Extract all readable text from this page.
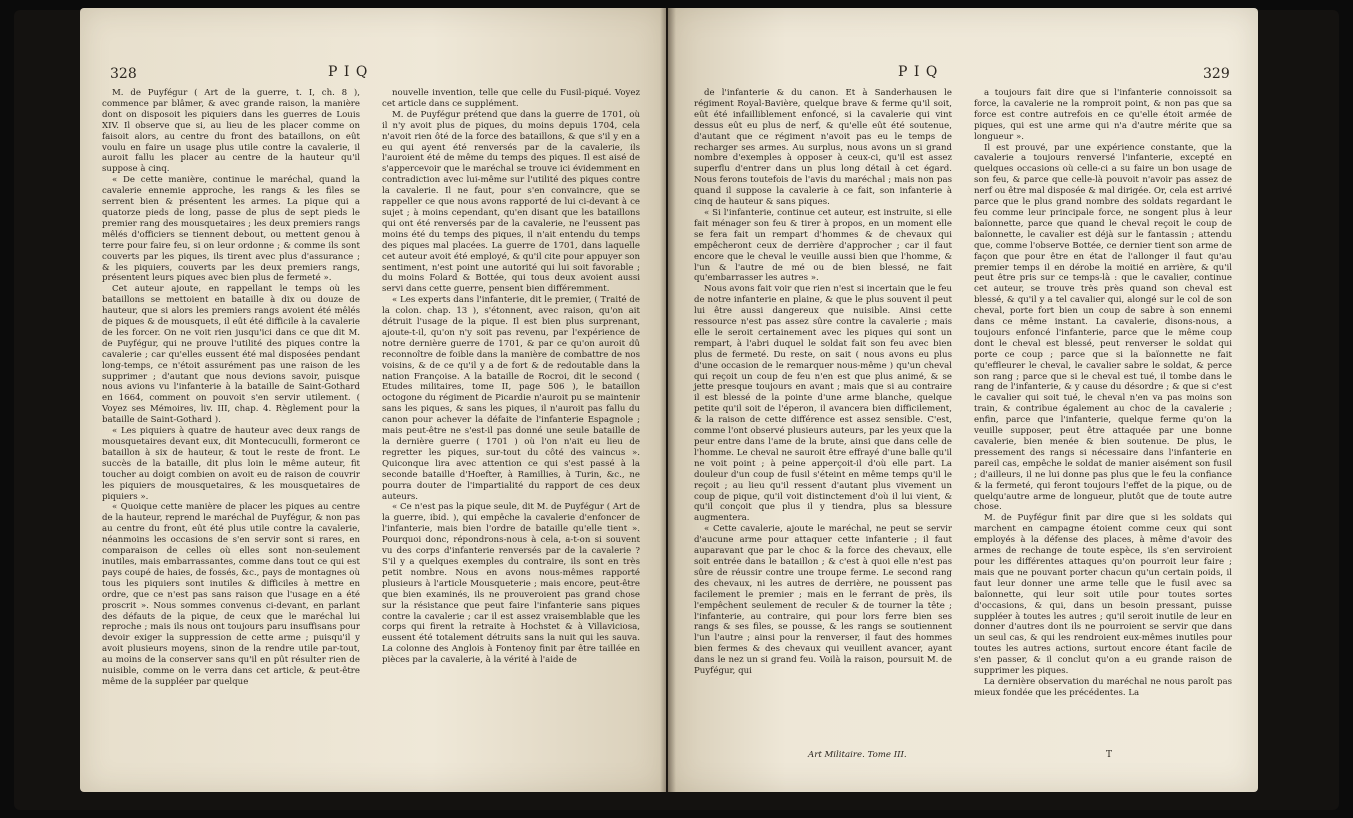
328	P I Q

M. de Puyfégur ( Art de la guerre, t. I, ch. 8 ), commence par blâmer, & avec grande raison, la manière dont on disposoit les piquiers dans les guerres de Louis XIV. Il observe que si, au lieu de les placer comme on faisoit alors, au centre du front des bataillons, on eût voulu en faire un usage plus utile contre la cavalerie, il auroit fallu les placer au centre de la hauteur qu'il suppose à cinq.

« De cette manière, continue le maréchal, quand la cavalerie ennemie approche, les rangs & les files se serrent bien & présentent les armes. La pique qui a quatorze pieds de long, passe de plus de sept pieds le premier rang des mousquetaires ; les deux premiers rangs mêlés d'officiers se tiennent debout, ou mettent genou à terre pour faire feu, si on leur ordonne ; & comme ils sont couverts par les piques, ils tirent avec plus d'assurance ; & les piquiers, couverts par les deux premiers rangs, présentent leurs piques avec bien plus de fermeté ».

Cet auteur ajoute, en rappellant le temps où les bataillons se mettoient en bataille à dix ou douze de hauteur, que si alors les premiers rangs avoient été mêlés de piques & de mousquets, il eût été difficile à la cavalerie de les forcer. On ne voit rien jusqu'ici dans ce que dit M. de Puyfégur, qui ne prouve l'utilité des piques contre la cavalerie ; car qu'elles eussent été mal disposées pendant long-temps, ce n'étoit assurément pas une raison de les supprimer ; d'autant que nous devions savoir, puisque nous avions vu l'infanterie à la bataille de Saint-Gothard en 1664, comment on pouvoit s'en servir utilement. ( Voyez ses Mémoires, liv. III, chap. 4. Règlement pour la bataille de Saint-Gothard ).

« Les piquiers à quatre de hauteur avec deux rangs de mousquetaires devant eux, dit Montecuculli, formeront ce bataillon à six de hauteur, & tout le reste de front. Le succès de la bataille, dit plus loin le même auteur, fit toucher au doigt combien on avoit eu de raison de couvrir les piquiers de mousquetaires, & les mousquetaires de piquiers ».

« Quoique cette manière de placer les piques au centre de la hauteur, reprend le maréchal de Puyfégur, & non pas au centre du front, eût été plus utile contre la cavalerie, néanmoins les occasions de s'en servir sont si rares, en comparaison de celles où elles sont non-seulement inutiles, mais embarrassantes, comme dans tout ce qui est pays coupé de haies, de fossés, &c., pays de montagnes où tous les piquiers sont inutiles & difficiles à mettre en ordre, que ce n'est pas sans raison que l'usage en a été proscrit ». Nous sommes convenus ci-devant, en parlant des défauts de la pique, de ceux que le maréchal lui reproche ; mais ils nous ont toujours paru insuffisans pour devoir exiger la suppression de cette arme ; puisqu'il y avoit plusieurs moyens, sinon de la rendre utile par-tout, au moins de la conserver sans qu'il en pût résulter rien de nuisible, comme on le verra dans cet article, & peut-être même de la suppléer par quelque

nouvelle invention, telle que celle du Fusil-piqué. Voyez cet article dans ce supplément.

M. de Puyfégur prétend que dans la guerre de 1701, où il n'y avoit plus de piques, du moins depuis 1704, cela n'avoit rien ôté de la force des bataillons, & que s'il y en a eu qui ayent été renversés par de la cavalerie, ils l'auroient été de même du temps des piques. Il est aisé de s'appercevoir que le maréchal se trouve ici évidemment en contradiction avec lui-même sur l'utilité des piques contre la cavalerie. Il ne faut, pour s'en convaincre, que se rappeller ce que nous avons rapporté de lui ci-devant à ce sujet ; à moins cependant, qu'en disant que les bataillons qui ont été renversés par de la cavalerie, ne l'eussent pas moins été du temps des piques, il n'ait entendu du temps des piques mal placées. La guerre de 1701, dans laquelle cet auteur avoit été employé, & qu'il cite pour appuyer son sentiment, n'est point une autorité qui lui soit favorable ; du moins Folard & Bottée, qui tous deux avoient aussi servi dans cette guerre, pensent bien différemment.

« Les experts dans l'infanterie, dit le premier, ( Traité de la colon. chap. 13 ), s'étonnent, avec raison, qu'on ait détruit l'usage de la pique. Il est bien plus surprenant, ajoute-t-il, qu'on n'y soit pas revenu, par l'expérience de notre dernière guerre de 1701, & par ce qu'on auroit dû reconnoître de foible dans la manière de combattre de nos voisins, & de ce qu'il y a de fort & de redoutable dans la nation Françoise. A la bataille de Rocroi, dit le second ( Etudes militaires, tome II, page 506 ), le bataillon octogone du régiment de Picardie n'auroit pu se maintenir sans les piques, & sans les piques, il n'auroit pas fallu du canon pour achever la défaite de l'infanterie Espagnole ; mais peut-être ne s'est-il pas donné une seule bataille de la dernière guerre ( 1701 ) où l'on n'ait eu lieu de regretter les piques, sur-tout du côté des vaincus ». Quiconque lira avec attention ce qui s'est passé à la seconde bataille d'Hoefter, à Ramillies, à Turin, &c., ne pourra douter de l'impartialité du rapport de ces deux auteurs.

« Ce n'est pas la pique seule, dit M. de Puyfégur ( Art de la guerre, ibid. ), qui empêche la cavalerie d'enfoncer de l'infanterie, mais bien l'ordre de bataille qu'elle tient ». Pourquoi donc, répondrons-nous à cela, a-t-on si souvent vu des corps d'infanterie renversés par de la cavalerie ? S'il y a quelques exemples du contraire, ils sont en très petit nombre. Nous en avons nous-mêmes rapporté plusieurs à l'article Mousqueterie ; mais encore, peut-être que bien examinés, ils ne prouveroient pas grand chose sur la résistance que peut faire l'infanterie sans piques contre la cavalerie ; car il est assez vraisemblable que les corps qui firent la retraite à Hochstet & à Villaviciosa, eussent été totalement détruits sans la nuit qui les sauva. La colonne des Anglois à Fontenoy finit par être taillée en pièces par la cavalerie, à la vérité à l'aide de

P I Q	329

de l'infanterie & du canon. Et à Sanderhausen le régiment Royal-Bavière, quelque brave & ferme qu'il soit, eût été infailliblement enfoncé, si la cavalerie qui vint dessus eût eu plus de nerf, & qu'elle eût été soutenue, d'autant que ce régiment n'avoit pas eu le temps de recharger ses armes. Au surplus, nous avons un si grand nombre d'exemples à opposer à ceux-ci, qu'il est assez superflu d'entrer dans un plus long détail à cet égard. Nous ferons toutefois de l'avis du maréchal ; mais non pas quand il suppose la cavalerie à ce fait, son infanterie à cinq de hauteur & sans piques.

« Si l'infanterie, continue cet auteur, est instruite, si elle fait ménager son feu & tirer à propos, en un moment elle se fera fait un rempart d'hommes & de chevaux qui empêcheront ceux de derrière d'approcher ; car il faut encore que le cheval le veuille aussi bien que l'homme, & l'un & l'autre de mé ou de bien blessé, ne fait qu'embarrasser les autres ».

Nous avons fait voir que rien n'est si incertain que le feu de notre infanterie en plaine, & que le plus souvent il peut lui être aussi dangereux que nuisible. Ainsi cette ressource n'est pas assez sûre contre la cavalerie ; mais elle le seroit certainement avec les piques qui sont un rempart, à l'abri duquel le soldat fait son feu avec bien plus de fermeté. Du reste, on sait ( nous avons eu plus d'une occasion de le remarquer nous-même ) qu'un cheval qui reçoit un coup de feu n'en est que plus animé, & se jette presque toujours en avant ; mais que si au contraire il est blessé de la pointe d'une arme blanche, quelque petite qu'il soit de l'éperon, il avancera bien difficilement, & la raison de cette différence est assez sensible. C'est, comme l'ont observé plusieurs auteurs, par les yeux que la peur entre dans l'ame de la brute, ainsi que dans celle de l'homme. Le cheval ne sauroit être effrayé d'une balle qu'il ne voit point ; à peine apperçoit-il d'où elle part. La douleur d'un coup de fusil s'éteint en même temps qu'il le reçoit ; au lieu qu'il ressent d'autant plus vivement un coup de pique, qu'il voit distinctement d'où il lui vient, & qu'il conçoit que plus il y tiendra, plus sa blessure augmentera.

« Cette cavalerie, ajoute le maréchal, ne peut se servir d'aucune arme pour attaquer cette infanterie ; il faut auparavant que par le choc & la force des chevaux, elle soit entrée dans le bataillon ; & c'est à quoi elle n'est pas sûre de réussir contre une troupe ferme. Le second rang des chevaux, ni les autres de derrière, ne poussent pas facilement le premier ; mais en le ferrant de près, ils l'empêchent seulement de reculer & de tourner la tête ; l'infanterie, au contraire, qui pour lors ferre bien ses rangs & ses files, se pousse, & les rangs se soutiennent l'un l'autre ; ainsi pour la renverser, il faut des hommes bien fermes & des chevaux qui veuillent avancer, ayant dans le nez un si grand feu. Voilà la raison, poursuit M. de Puyfégur, qui

a toujours fait dire que si l'infanterie connoissoit sa force, la cavalerie ne la romproit point, & non pas que sa force est contre autrefois en ce qu'elle étoit armée de piques, qui est une arme qui n'a d'autre mérite que sa longueur ».

Il est prouvé, par une expérience constante, que la cavalerie a toujours renversé l'infanterie, excepté en quelques occasions où celle-ci a su faire un bon usage de son feu, & parce que celle-là pouvoit n'avoir pas assez de nerf ou être mal disposée & mal dirigée. Or, cela est arrivé parce que le plus grand nombre des soldats regardant le feu comme leur principale force, ne songent plus à leur baïonnette, parce que quand le cheval reçoit le coup de baïonnette, le cavalier est déjà sur le fantassin ; attendu que, comme l'observe Bottée, ce dernier tient son arme de façon que pour être en état de l'allonger il faut qu'au premier temps il en dérobe la moitié en arrière, & qu'il peut être pris sur ce temps-là : que le cavalier, continue cet auteur, se trouve très près quand son cheval est blessé, & qu'il y a tel cavalier qui, alongé sur le col de son cheval, porte fort bien un coup de sabre à son ennemi dans ce même instant. La cavalerie, disons-nous, a toujours enfoncé l'infanterie, parce que le même coup dont le cheval est blessé, peut renverser le soldat qui porte ce coup ; parce que si la baïonnette ne fait qu'effleurer le cheval, le cavalier sabre le soldat, & perce son rang ; parce que si le cheval est tué, il tombe dans le rang de l'infanterie, & y cause du désordre ; & que si c'est le cavalier qui soit tué, le cheval n'en va pas moins son train, & contribue également au choc de la cavalerie ; enfin, parce que l'infanterie, quelque ferme qu'on la veuille supposer, peut être attaquée par une bonne cavalerie, bien menée & bien soutenue. De plus, le pressement des rangs si nécessaire dans l'infanterie en pareil cas, empêche le soldat de manier aisément son fusil ; d'ailleurs, il ne lui donne pas plus que le feu la confiance & la fermeté, qui feront toujours l'effet de la pique, ou de quelqu'autre arme de longueur, plutôt que de toute autre chose.

M. de Puyfégur finit par dire que si les soldats qui marchent en campagne étoient comme ceux qui sont employés à la défense des places, à même d'avoir des armes de rechange de toute espèce, ils s'en serviroient pour les différentes attaques qu'on pourroit leur faire ; mais que ne pouvant porter chacun qu'un certain poids, il faut leur donner une arme telle que le fusil avec sa baïonnette, qui leur soit utile pour toutes sortes d'occasions, & qui, dans un besoin pressant, puisse suppléer à toutes les autres ; qu'il seroit inutile de leur en donner d'autres dont ils ne pourroient se servir que dans un seul cas, & qui les rendroient eux-mêmes inutiles pour toutes les autres actions, surtout encore étant facile de s'en passer, & il conclut qu'on a eu grande raison de supprimer les piques.

La dernière observation du maréchal ne nous paroît pas mieux fondée que les précédentes. La

Art Militaire. Tome III.	T
